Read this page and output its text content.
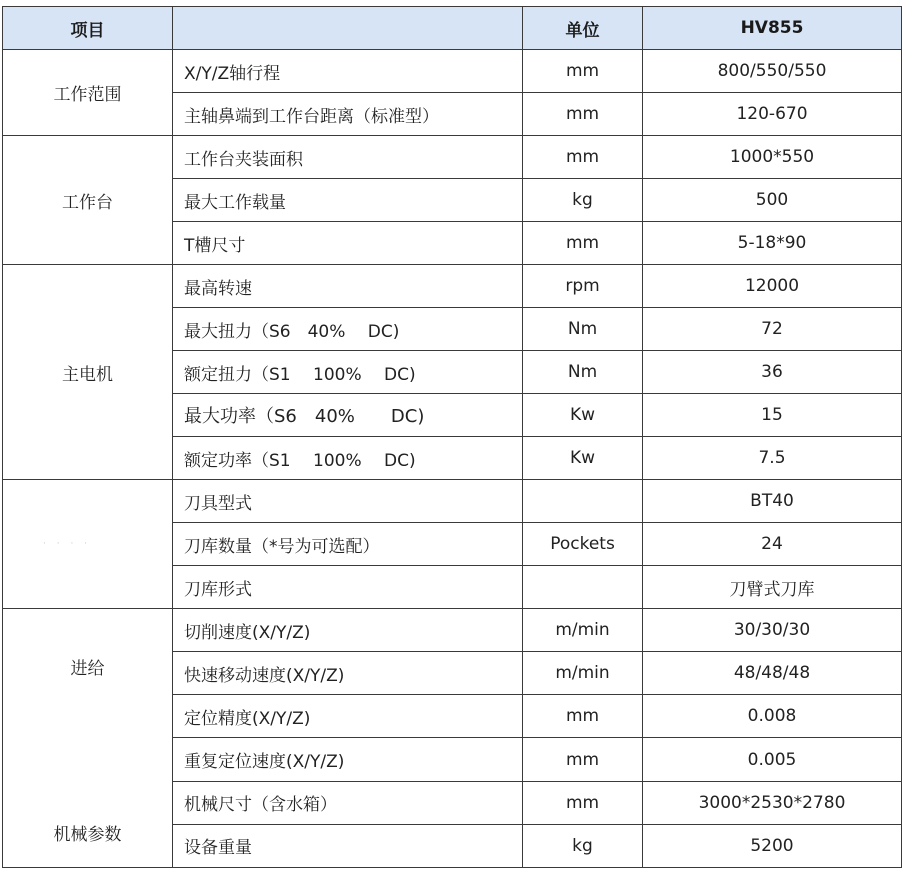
项目		单位	HV855
工作范围	X/Y/Z轴行程	mm	800/550/550
	主轴鼻端到工作台距离（标准型）	mm	120-670
工作台	工作台夹装面积	mm	1000*550
	最大工作载量	kg	500
	T槽尺寸	mm	5-18*90
主电机	最高转速	rpm	12000
	最大扭力（S6　40%　 DC)	Nm	72
	额定扭力（S1　 100%　 DC)	Nm	36
	最大功率（S6　40%　　DC)	Kw	15
	额定功率（S1　 100%　 DC)	Kw	7.5

· · · ·	刀具型式		BT40
	刀库数量（*号为可选配）	Pockets	24
	刀库形式		刀臂式刀库

进给
机械参数	切削速度(X/Y/Z)	m/min	30/30/30
	快速移动速度(X/Y/Z)	m/min	48/48/48
	定位精度(X/Y/Z)	mm	0.008
	重复定位速度(X/Y/Z)	mm	0.005
	机械尺寸（含水箱）	mm	3000*2530*2780
	设备重量	kg	5200
